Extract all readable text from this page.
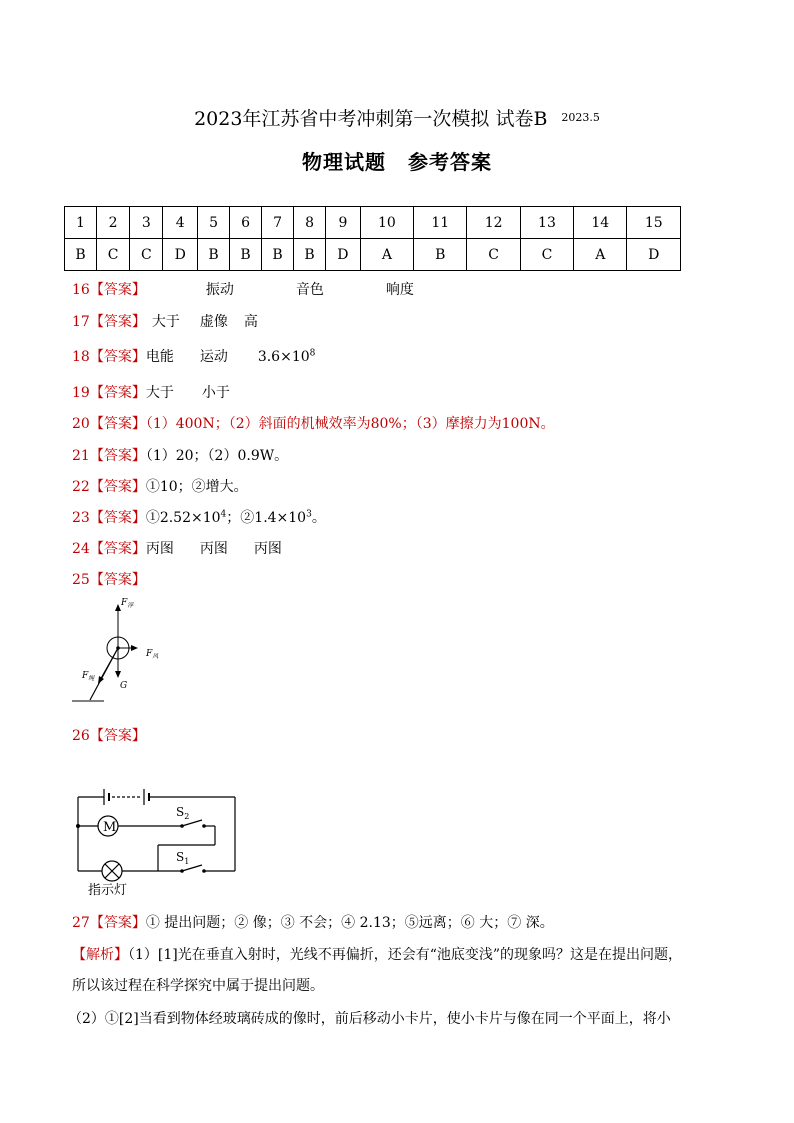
2023年江苏省中考冲刺第一次模拟 试卷B $^{2023.5}$
物理试题 参考答案
1	2	3	4	5	6	7	8	9	10	11	12	13	14	15
B	C	C	D	B	B	B	B	D	A	B	C	C	A	D
16【答案】	振动	音色	响度
17【答案】 大于 虚像 高
18【答案】电能 运动 $3.6\times 10^8$
19【答案】大于 小于
20【答案】（1）400N；（2）斜面的机械效率为80%；（3）摩擦力为100N。
21【答案】（1）20；（2）0.9W。
22【答案】①10；②增大。
23【答案】$①2.52\times 10^4$；$②1.4\times 10^3$。
24【答案】丙图 丙图 丙图
25【答案】
$F_浮$
$F_风$
$F_绳$
G
26【答案】
M
$S_2$
$S_1$
指示灯
27【答案】① 提出问题；② 像；③ 不会；④ 2.13；⑤远离；⑥ 大；⑦ 深。
【解析】（1）[1]光在垂直入射时，光线不再偏折，还会有“池底变浅”的现象吗？这是在提出问题，
所以该过程在科学探究中属于提出问题。
（2）①[2]当看到物体经玻璃砖成的像时，前后移动小卡片，使小卡片与像在同一个平面上，将小
